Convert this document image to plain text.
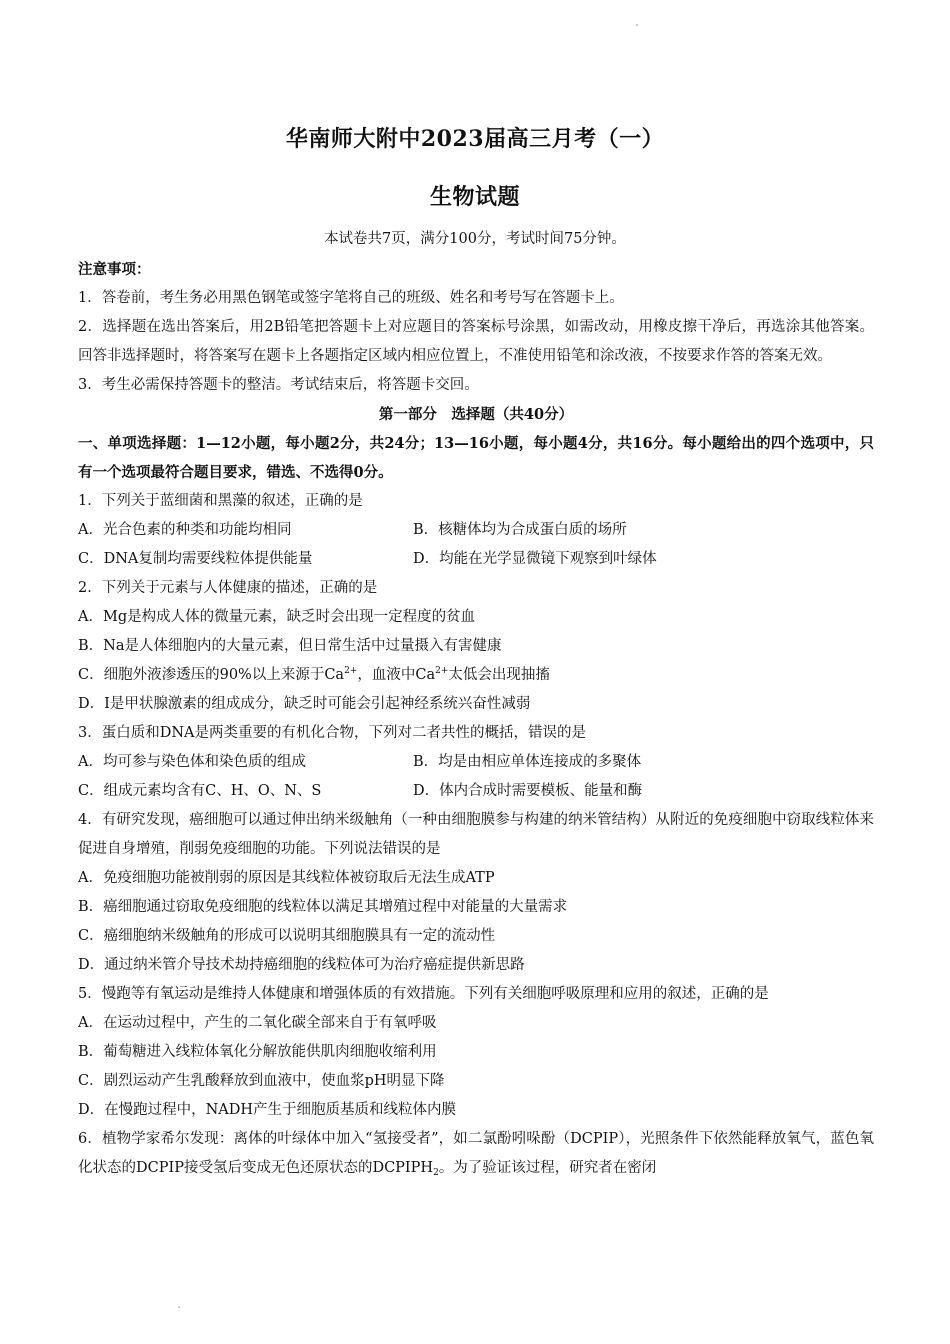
华南师大附中2023届高三月考（一）
生物试题
本试卷共7页，满分100分，考试时间75分钟。
注意事项：
1．答卷前，考生务必用黑色钢笔或签字笔将自己的班级、姓名和考号写在答题卡上。
2．选择题在选出答案后，用2B铅笔把答题卡上对应题目的答案标号涂黑，如需改动，用橡皮擦干净后，再选涂其他答案。回答非选择题时，将答案写在题卡上各题指定区域内相应位置上，不准使用铅笔和涂改液，不按要求作答的答案无效。
3．考生必需保持答题卡的整洁。考试结束后，将答题卡交回。
第一部分　选择题（共40分）
一、单项选择题：1—12小题，每小题2分，共24分；13—16小题，每小题4分，共16分。每小题给出的四个选项中，只有一个选项最符合题目要求，错选、不选得0分。
1．下列关于蓝细菌和黑藻的叙述，正确的是
A．光合色素的种类和功能均相同	B．核糖体均为合成蛋白质的场所
C．DNA复制均需要线粒体提供能量	D．均能在光学显微镜下观察到叶绿体
2．下列关于元素与人体健康的描述，正确的是
A．Mg是构成人体的微量元素，缺乏时会出现一定程度的贫血
B．Na是人体细胞内的大量元素，但日常生活中过量摄入有害健康
C．细胞外液渗透压的90%以上来源于$Ca^{2+}$，血液中$Ca^{2+}$太低会出现抽搐
D．I是甲状腺激素的组成成分，缺乏时可能会引起神经系统兴奋性减弱
3．蛋白质和DNA是两类重要的有机化合物，下列对二者共性的概括，错误的是
A．均可参与染色体和染色质的组成	B．均是由相应单体连接成的多聚体
C．组成元素均含有C、H、O、N、S	D．体内合成时需要模板、能量和酶
4．有研究发现，癌细胞可以通过伸出纳米级触角（一种由细胞膜参与构建的纳米管结构）从附近的免疫细胞中窃取线粒体来促进自身增殖，削弱免疫细胞的功能。下列说法错误的是
A．免疫细胞功能被削弱的原因是其线粒体被窃取后无法生成ATP
B．癌细胞通过窃取免疫细胞的线粒体以满足其增殖过程中对能量的大量需求
C．癌细胞纳米级触角的形成可以说明其细胞膜具有一定的流动性
D．通过纳米管介导技术劫持癌细胞的线粒体可为治疗癌症提供新思路
5．慢跑等有氧运动是维持人体健康和增强体质的有效措施。下列有关细胞呼吸原理和应用的叙述，正确的是
A．在运动过程中，产生的二氧化碳全部来自于有氧呼吸
B．葡萄糖进入线粒体氧化分解放能供肌肉细胞收缩利用
C．剧烈运动产生乳酸释放到血液中，使血浆pH明显下降
D．在慢跑过程中，NADH产生于细胞质基质和线粒体内膜
6．植物学家希尔发现：离体的叶绿体中加入“氢接受者”，如二氯酚吲哚酚（DCPIP），光照条件下依然能释放氧气，蓝色氧化状态的DCPIP接受氢后变成无色还原状态的$DCPIPH_2$。为了验证该过程，研究者在密闭
